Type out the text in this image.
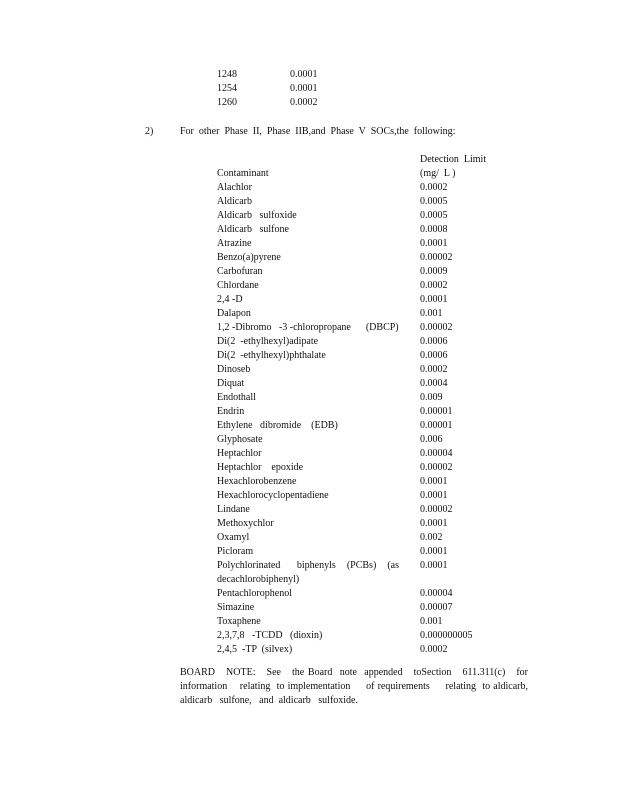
1248	0.0001
1254	0.0001
1260	0.0002
2)	For  other  Phase  II,  Phase  IIB,and  Phase  V  SOCs,the  following:
Detection  Limit
Contaminant	(mg/  L )
Alachlor	0.0002
Aldicarb	0.0005
Aldicarb   sulfoxide	0.0005
Aldicarb   sulfone	0.0008
Atrazine	0.0001
Benzo(a)pyrene	0.00002
Carbofuran	0.0009
Chlordane	0.0002
2,4 -D	0.0001
Dalapon	0.001
1,2 -Dibromo   -3 -chloropropane      (DBCP) 0.00002
Di(2  -ethylhexyl)adipate	0.0006
Di(2  -ethylhexyl)phthalate	0.0006
Dinoseb	0.0002
Diquat	0.0004
Endothall	0.009
Endrin	0.00001
Ethylene   dibromide    (EDB)	0.00001
Glyphosate	0.006
Heptachlor	0.00004
Heptachlor    epoxide	0.00002
Hexachlorobenzene	0.0001
Hexachlorocyclopentadiene	0.0001
Lindane	0.00002
Methoxychlor	0.0001
Oxamyl	0.002
Picloram	0.0001
Polychlorinated      biphenyls    (PCBs)    (as decachlorobiphenyl)
0.0001
Pentachlorophenol	0.00004
Simazine	0.00007
Toxaphene	0.001
2,3,7,8   -TCDD   (dioxin)	0.000000005
2,4,5  -TP  (silvex)	0.0002
BOARD   NOTE:   See   the Board  note  appended   toSection   611.311(c)   for information    relating  to implementation     of requirements     relating  to aldicarb,   aldicarb   sulfone,   and  aldicarb   sulfoxide.
